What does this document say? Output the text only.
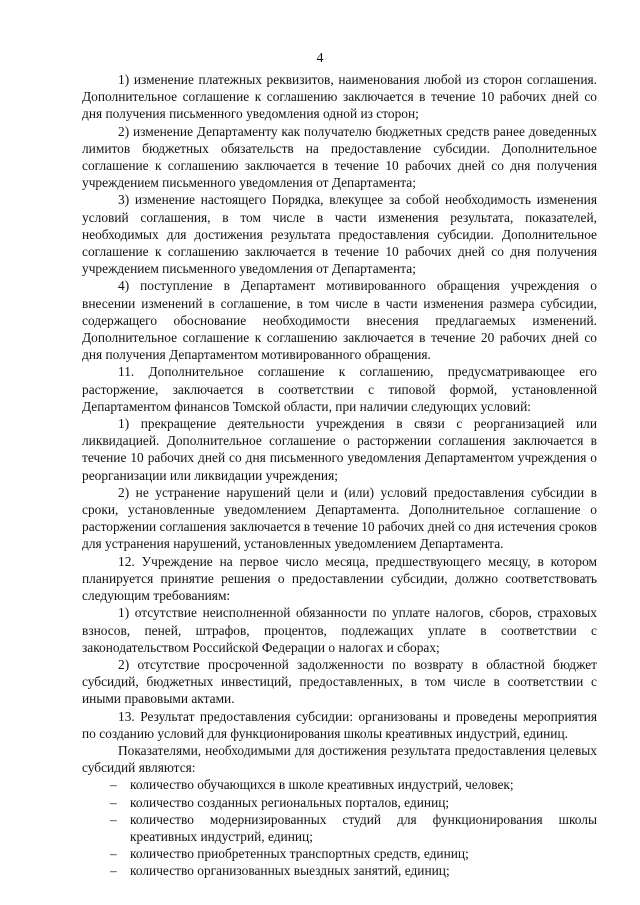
4

1) изменение платежных реквизитов, наименования любой из сторон соглашения. Дополнительное соглашение к соглашению заключается в течение 10 рабочих дней со дня получения письменного уведомления одной из сторон;

2) изменение Департаменту как получателю бюджетных средств ранее доведенных лимитов бюджетных обязательств на предоставление субсидии. Дополнительное соглашение к соглашению заключается в течение 10 рабочих дней со дня получения учреждением письменного уведомления от Департамента;

3) изменение настоящего Порядка, влекущее за собой необходимость изменения условий соглашения, в том числе в части изменения результата, показателей, необходимых для достижения результата предоставления субсидии. Дополнительное соглашение к соглашению заключается в течение 10 рабочих дней со дня получения учреждением письменного уведомления от Департамента;

4) поступление в Департамент мотивированного обращения учреждения о внесении изменений в соглашение, в том числе в части изменения размера субсидии, содержащего обоснование необходимости внесения предлагаемых изменений. Дополнительное соглашение к соглашению заключается в течение 20 рабочих дней со дня получения Департаментом мотивированного обращения.

11. Дополнительное соглашение к соглашению, предусматривающее его расторжение, заключается в соответствии с типовой формой, установленной Департаментом финансов Томской области, при наличии следующих условий:

1) прекращение деятельности учреждения в связи с реорганизацией или ликвидацией. Дополнительное соглашение о расторжении соглашения заключается в течение 10 рабочих дней со дня письменного уведомления Департаментом учреждения о реорганизации или ликвидации учреждения;

2) не устранение нарушений цели и (или) условий предоставления субсидии в сроки, установленные уведомлением Департамента. Дополнительное соглашение о расторжении соглашения заключается в течение 10 рабочих дней со дня истечения сроков для устранения нарушений, установленных уведомлением Департамента.

12. Учреждение на первое число месяца, предшествующего месяцу, в котором планируется принятие решения о предоставлении субсидии, должно соответствовать следующим требованиям:

1) отсутствие неисполненной обязанности по уплате налогов, сборов, страховых взносов, пеней, штрафов, процентов, подлежащих уплате в соответствии с законодательством Российской Федерации о налогах и сборах;

2) отсутствие просроченной задолженности по возврату в областной бюджет субсидий, бюджетных инвестиций, предоставленных, в том числе в соответствии с иными правовыми актами.

13. Результат предоставления субсидии: организованы и проведены мероприятия по созданию условий для функционирования школы креативных индустрий, единиц.

Показателями, необходимыми для достижения результата предоставления целевых субсидий являются:

– количество обучающихся в школе креативных индустрий, человек;
– количество созданных региональных порталов, единиц;
– количество модернизированных студий для функционирования школы креативных индустрий, единиц;
– количество приобретенных транспортных средств, единиц;
– количество организованных выездных занятий, единиц;
